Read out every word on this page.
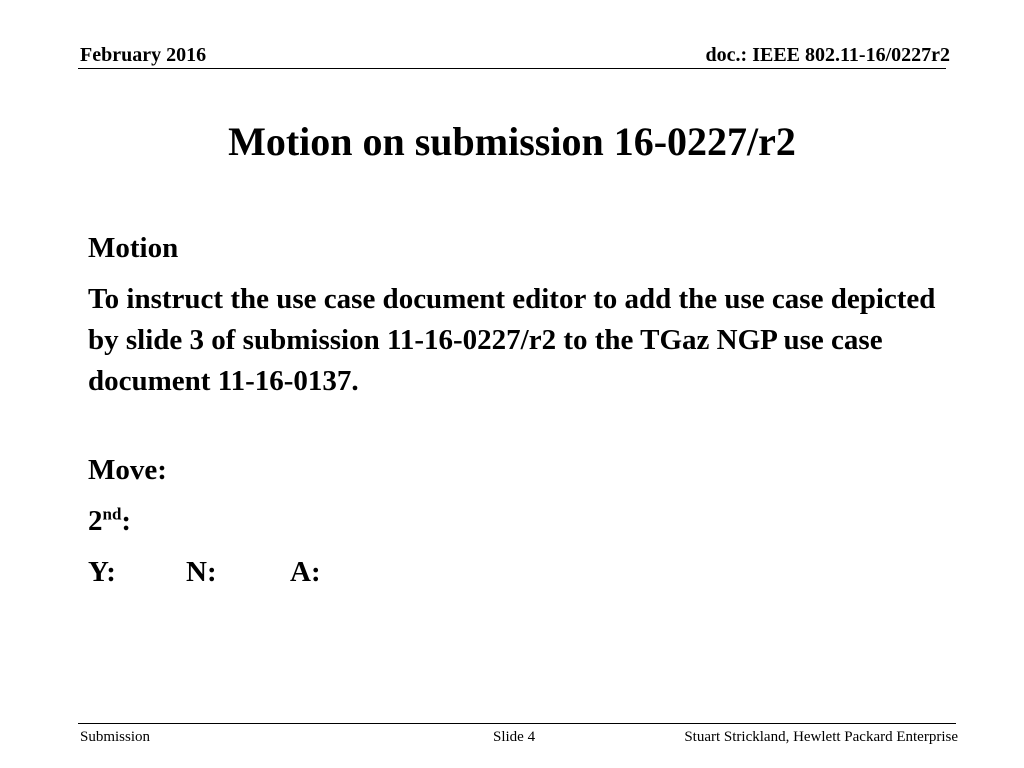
February 2016	doc.: IEEE 802.11-16/0227r2
Motion on submission 16-0227/r2

Motion

To instruct the use case document editor to add the use case depicted by slide 3 of submission 11-16-0227/r2 to the TGaz NGP use case document 11-16-0137.

Move:

2nd:

Y: N:	A:

Submission	Slide 4	Stuart Strickland, Hewlett Packard Enterprise
